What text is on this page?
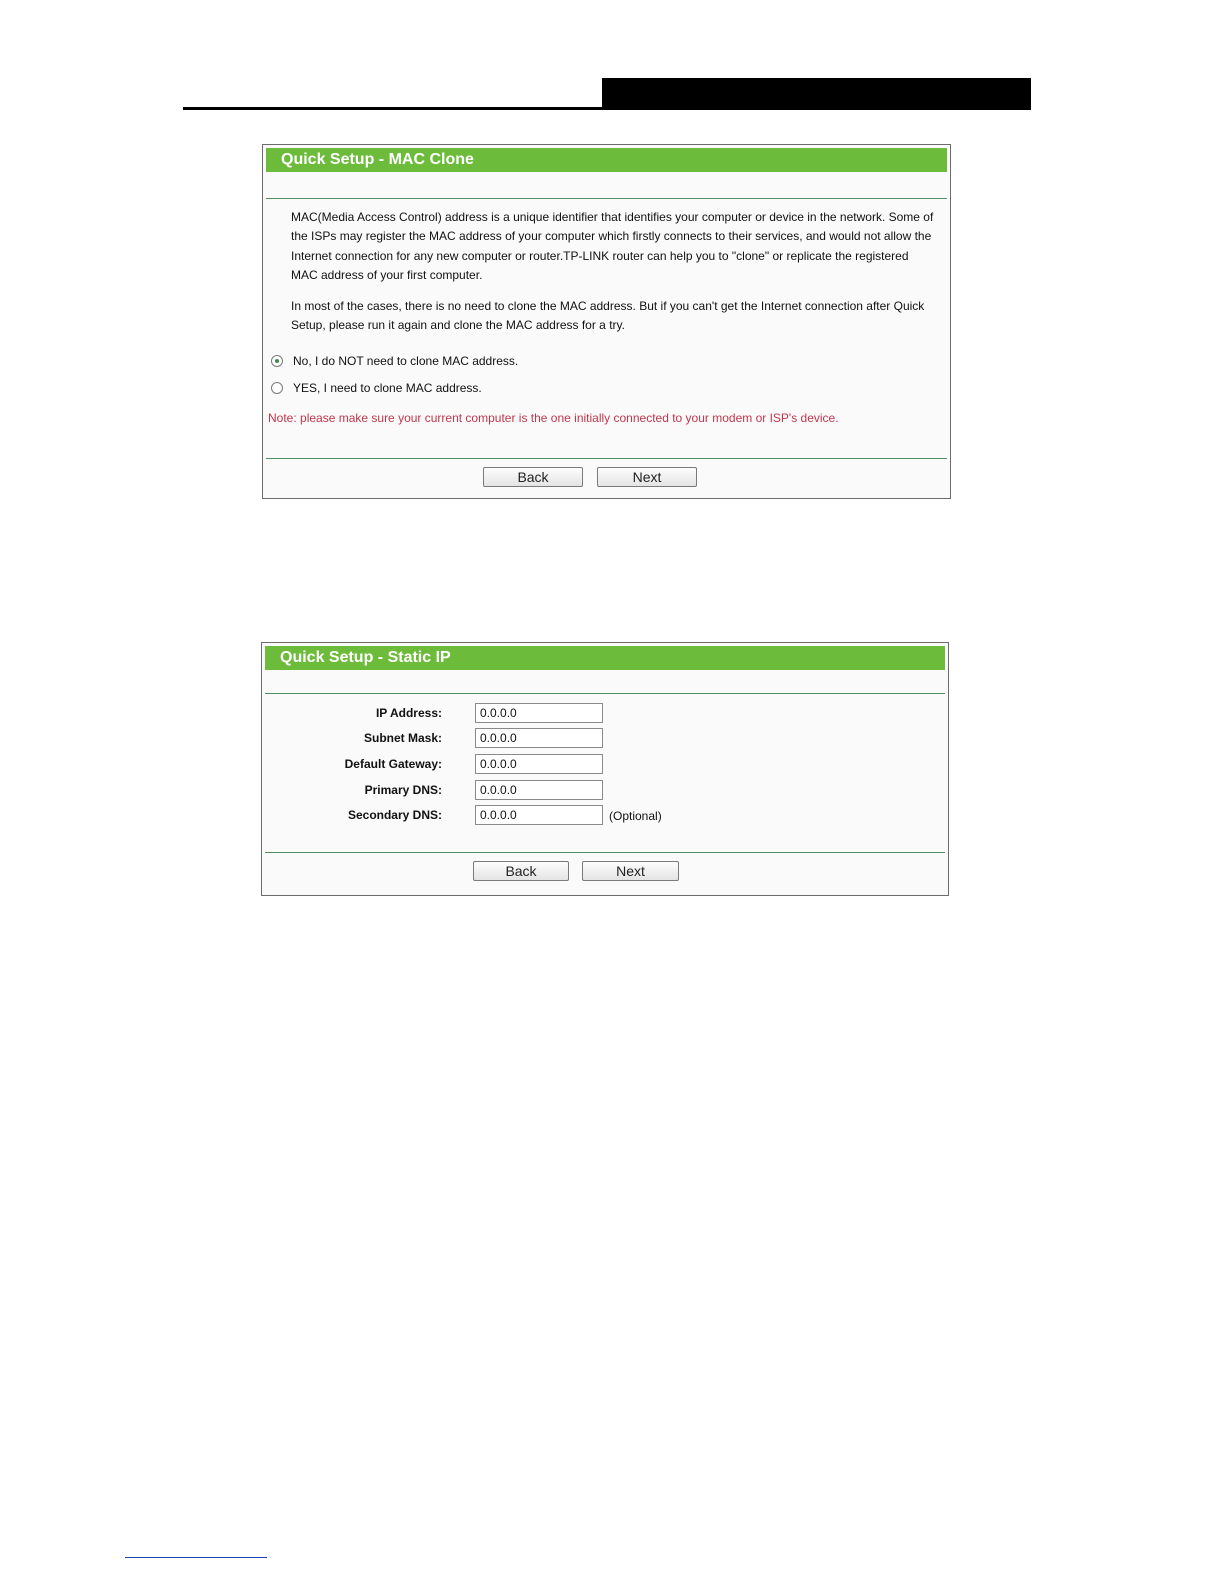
Quick Setup - MAC Clone

MAC(Media Access Control) address is a unique identifier that identifies your computer or device in the network. Some of the ISPs may register the MAC address of your computer which firstly connects to their services, and would not allow the Internet connection for any new computer or router.TP-LINK router can help you to "clone" or replicate the registered MAC address of your first computer.

In most of the cases, there is no need to clone the MAC address. But if you can't get the Internet connection after Quick Setup, please run it again and clone the MAC address for a try.

No, I do NOT need to clone MAC address.
YES, I need to clone MAC address.
Note: please make sure your current computer is the one initially connected to your modem or ISP's device.
Back	Next
Quick Setup - Static IP
IP Address:
0.0.0.0
Subnet Mask:
0.0.0.0
Default Gateway:
0.0.0.0
Primary DNS:
0.0.0.0
Secondary DNS:
0.0.0.0	(Optional)
Back	Next
